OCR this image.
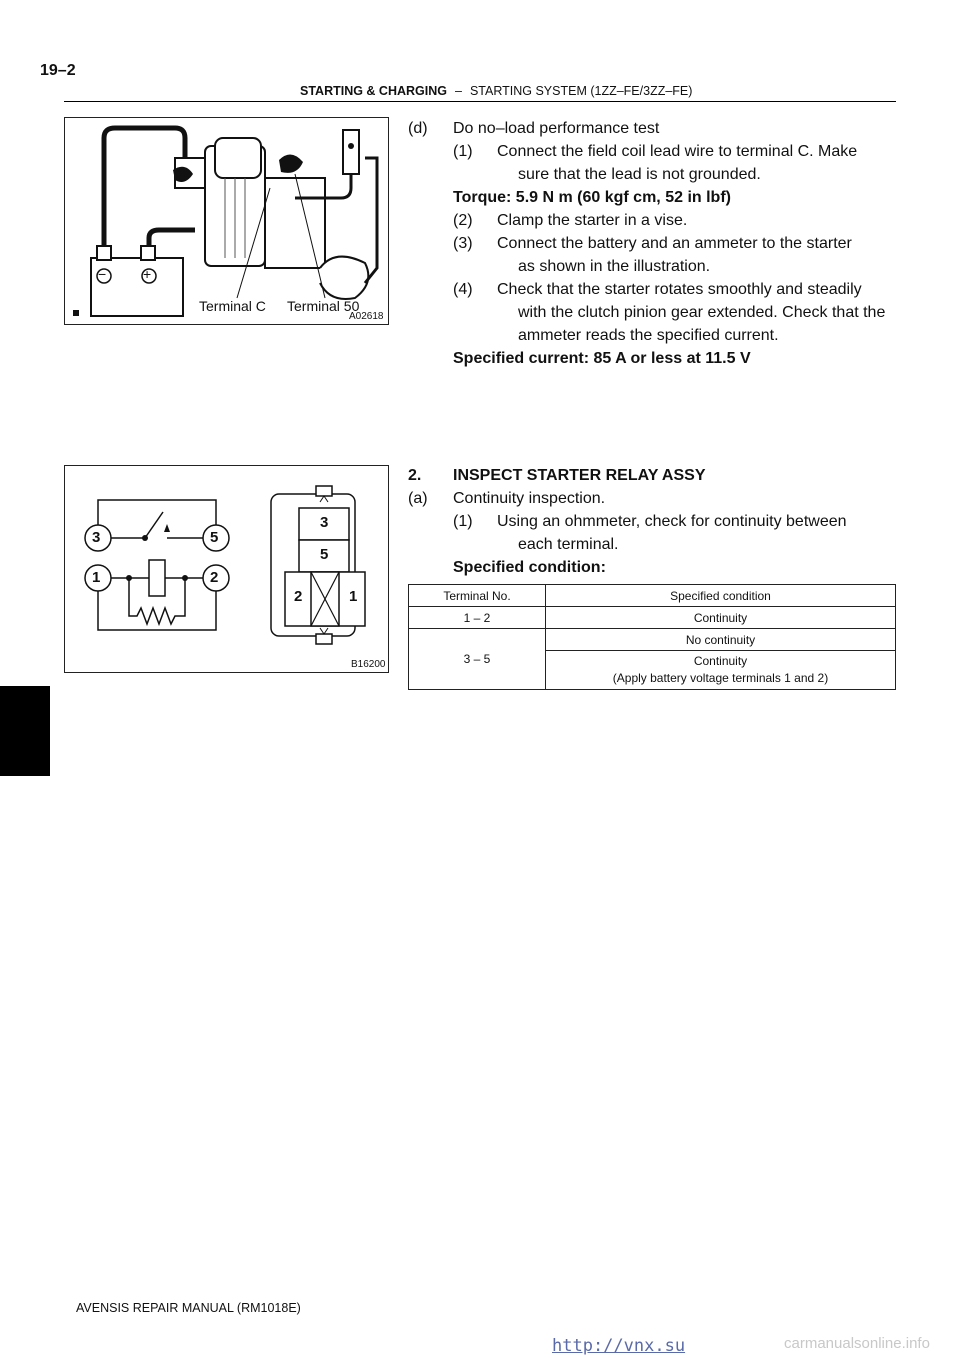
19–2
STARTING & CHARGING – STARTING SYSTEM (1ZZ–FE/3ZZ–FE)
Terminal C Terminal 50
−	+
A02618
3	5
1	2
3
5
2	1
B16200
(d) Do no–load performance test
(1) Connect the field coil lead wire to terminal C. Make
sure that the lead is not grounded.
Torque: 5.9 N m (60 kgf cm, 52 in lbf)
(2) Clamp the starter in a vise.
(3) Connect the battery and an ammeter to the starter
as shown in the illustration.
(4) Check that the starter rotates smoothly and steadily
with the clutch pinion gear extended. Check that the
ammeter reads the specified current.
Specified current: 85 A or less at 11.5 V
2. INSPECT STARTER RELAY ASSY
(a) Continuity inspection.
(1) Using an ohmmeter, check for continuity between
each terminal.
Specified condition:
Terminal No.	Specified condition
1 – 2	Continuity
3 – 5	No continuity

	Continuity
(Apply battery voltage terminals 1 and 2)
AVENSIS REPAIR MANUAL (RM1018E)
http://vnx.su	carmanualsonline.info
